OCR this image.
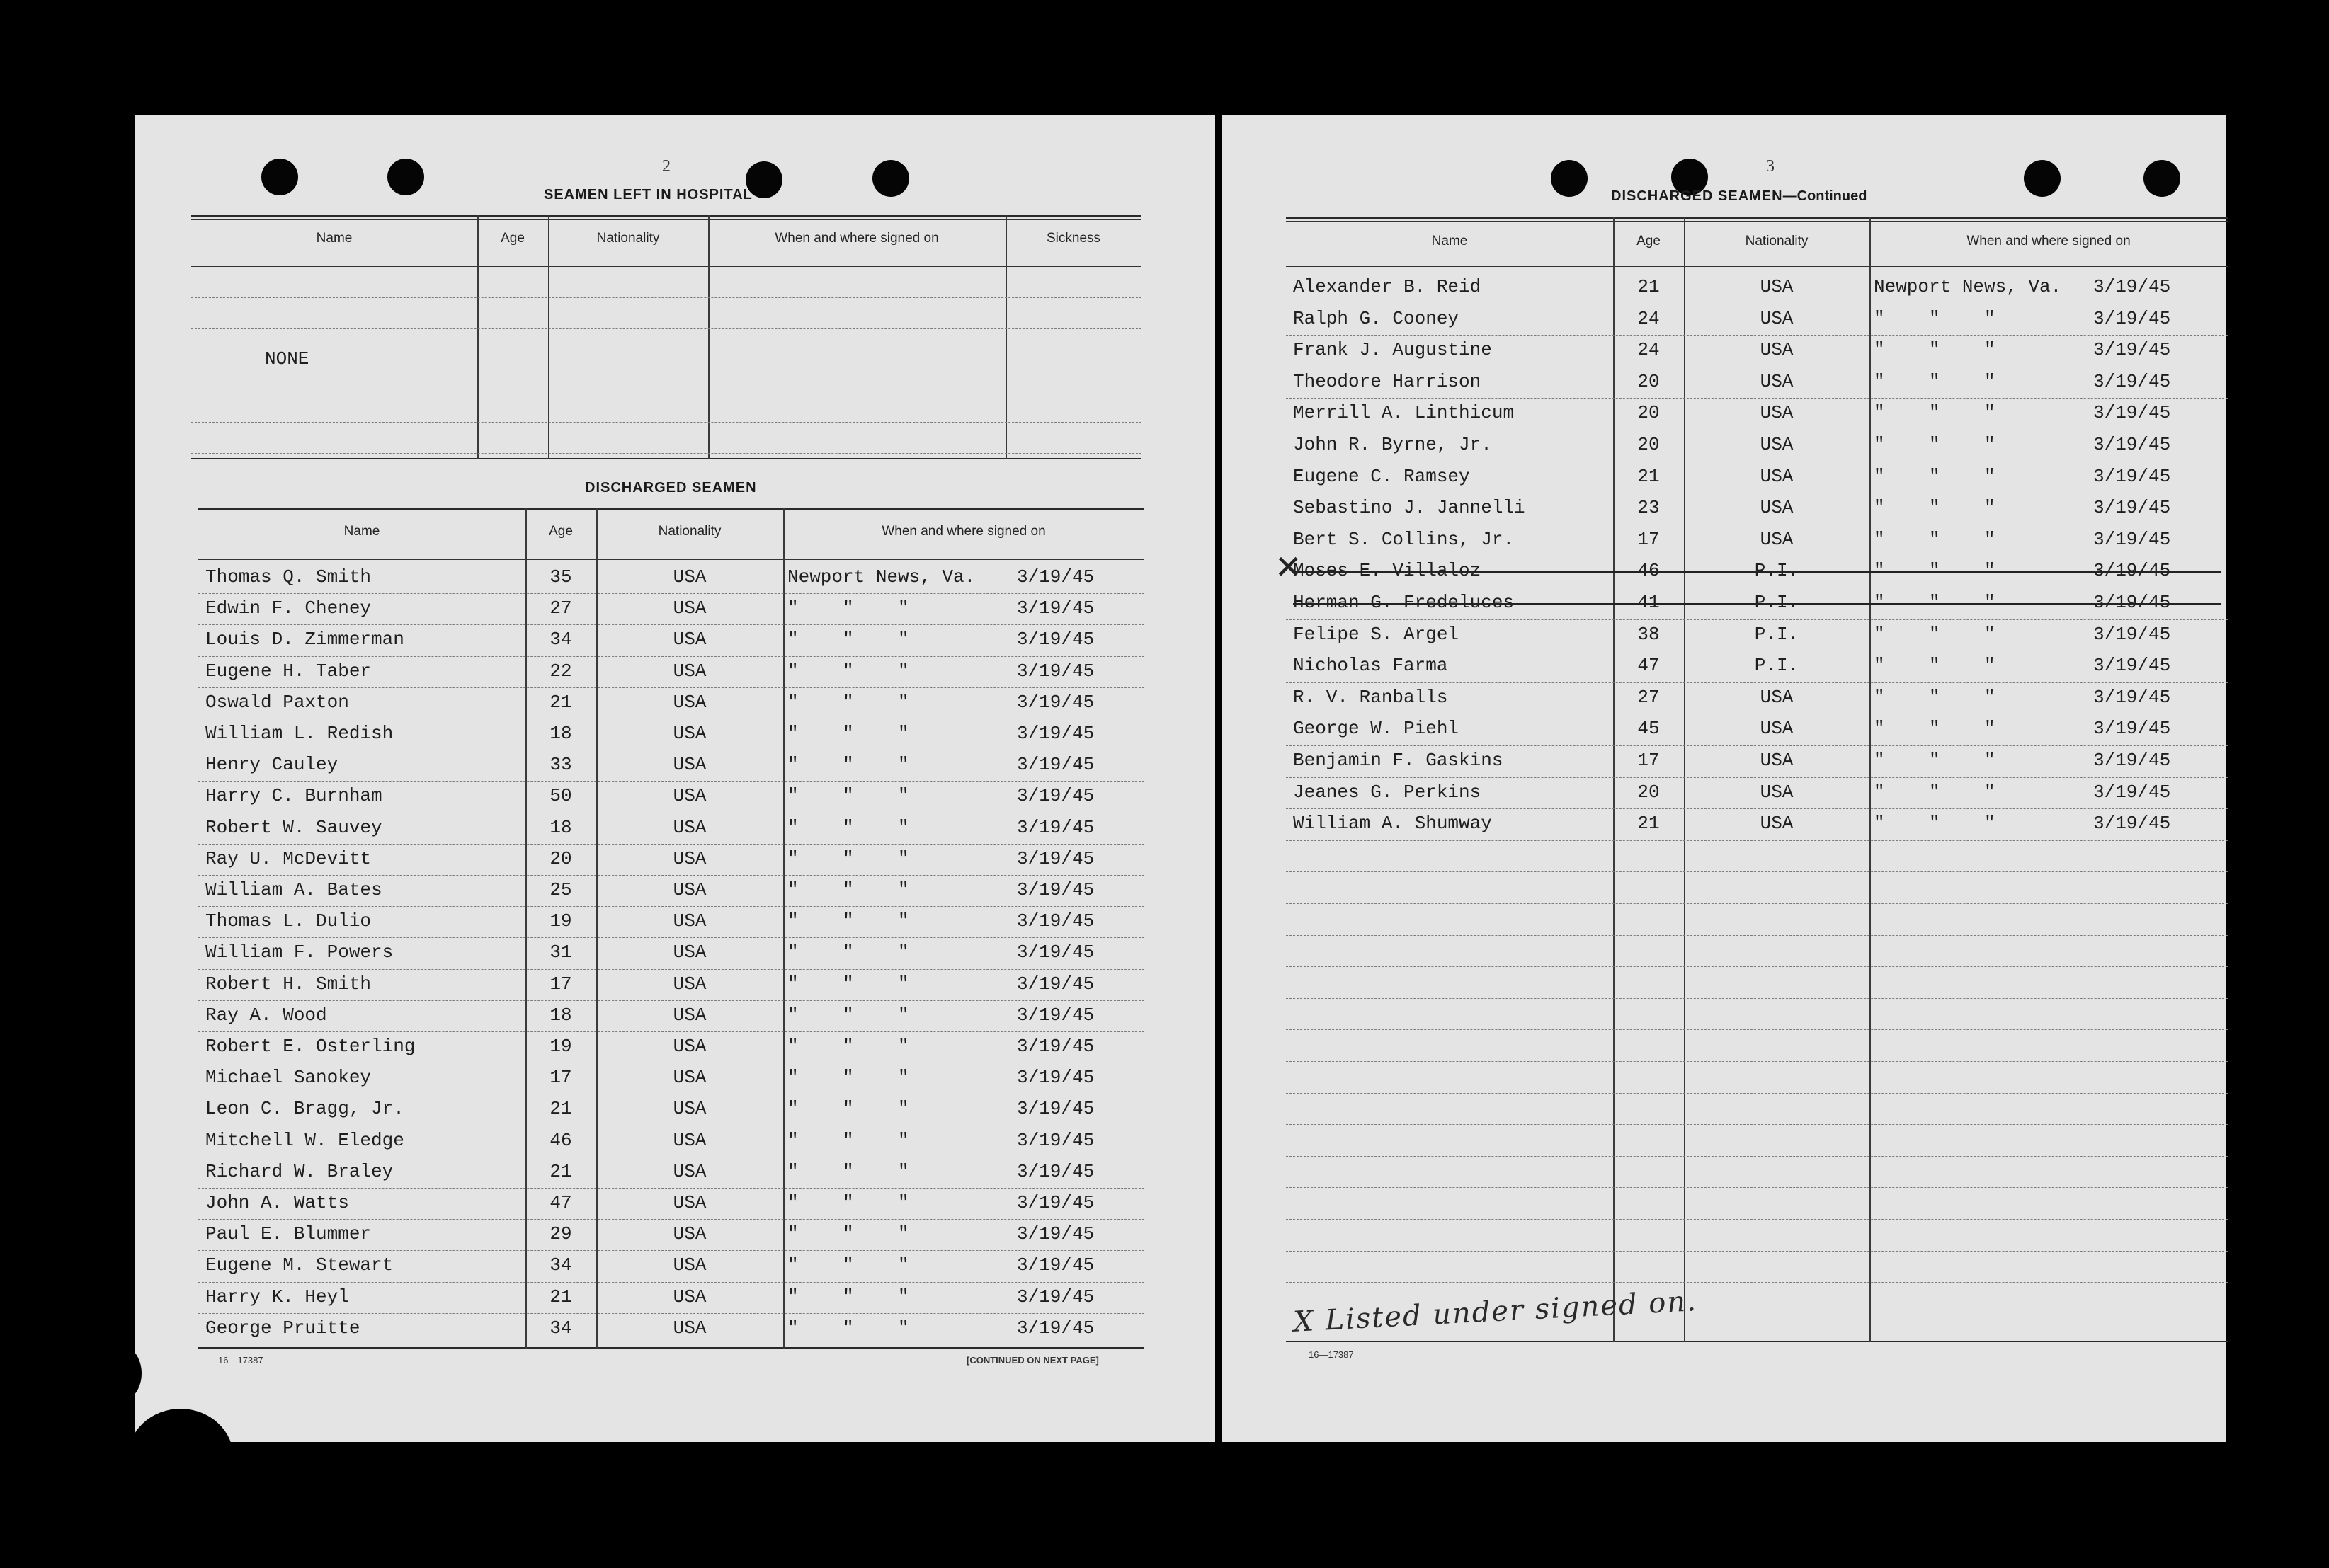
2
SEAMEN LEFT IN HOSPITAL
Name	Age	Nationality	When and where signed on	Sickness
NONE
DISCHARGED SEAMEN
Name	Age	Nationality	When and where signed on
Thomas Q. Smith	35	USA	Newport News, Va. 3/19/45
Edwin F. Cheney	27	USA	"    "    "	3/19/45
Louis D. Zimmerman	34	USA	"    "    "	3/19/45
Eugene H. Taber	22	USA	"    "    "	3/19/45
Oswald Paxton	21	USA	"    "    "	3/19/45
William L. Redish	18	USA	"    "    "	3/19/45
Henry Cauley	33	USA	"    "    "	3/19/45
Harry C. Burnham	50	USA	"    "    "	3/19/45
Robert W. Sauvey	18	USA	"    "    "	3/19/45
Ray U. McDevitt	20	USA	"    "    "	3/19/45
William A. Bates	25	USA	"    "    "	3/19/45
Thomas L. Dulio	19	USA	"    "    "	3/19/45
William F. Powers	31	USA	"    "    "	3/19/45
Robert H. Smith	17	USA	"    "    "	3/19/45
Ray A. Wood	18	USA	"    "    "	3/19/45
Robert E. Osterling	19	USA	"    "    "	3/19/45
Michael Sanokey	17	USA	"    "    "	3/19/45
Leon C. Bragg, Jr.	21	USA	"    "    "	3/19/45
Mitchell W. Eledge	46	USA	"    "    "	3/19/45
Richard W. Braley	21	USA	"    "    "	3/19/45
John A. Watts	47	USA	"    "    "	3/19/45
Paul E. Blummer	29	USA	"    "    "	3/19/45
Eugene M. Stewart	34	USA	"    "    "	3/19/45
Harry K. Heyl	21	USA	"    "    "	3/19/45
George Pruitte	34	USA	"    "    "	3/19/45
16—17387	[CONTINUED ON NEXT PAGE]
3
DISCHARGED SEAMEN—Continued
Name	Age	Nationality	When and where signed on
Alexander B. Reid	21	USA	Newport News, Va. 3/19/45
Ralph G. Cooney	24	USA	"    "    "	3/19/45
Frank J. Augustine	24	USA	"    "    "	3/19/45
Theodore Harrison	20	USA	"    "    "	3/19/45
Merrill A. Linthicum	20	USA	"    "    "	3/19/45
John R. Byrne, Jr.	20	USA	"    "    "	3/19/45
Eugene C. Ramsey	21	USA	"    "    "	3/19/45
Sebastino J. Jannelli	23	USA	"    "    "	3/19/45
Bert S. Collins, Jr.	17	USA	"    "    "	3/19/45
Moses E. Villaloz	46	P.I.	"    "    "	3/19/45
Herman G. Fredeluces	41	P.I.	"    "    "	3/19/45
Felipe S. Argel	38	P.I.	"    "    "	3/19/45
Nicholas Farma	47	P.I.	"    "    "	3/19/45
R. V. Ranballs	27	USA	"    "    "	3/19/45
George W. Piehl	45	USA	"    "    "	3/19/45
Benjamin F. Gaskins	17	USA	"    "    "	3/19/45
Jeanes G. Perkins	20	USA	"    "    "	3/19/45
William A. Shumway	21	USA	"    "    "	3/19/45
✕
X Listed under signed on.
16—17387
